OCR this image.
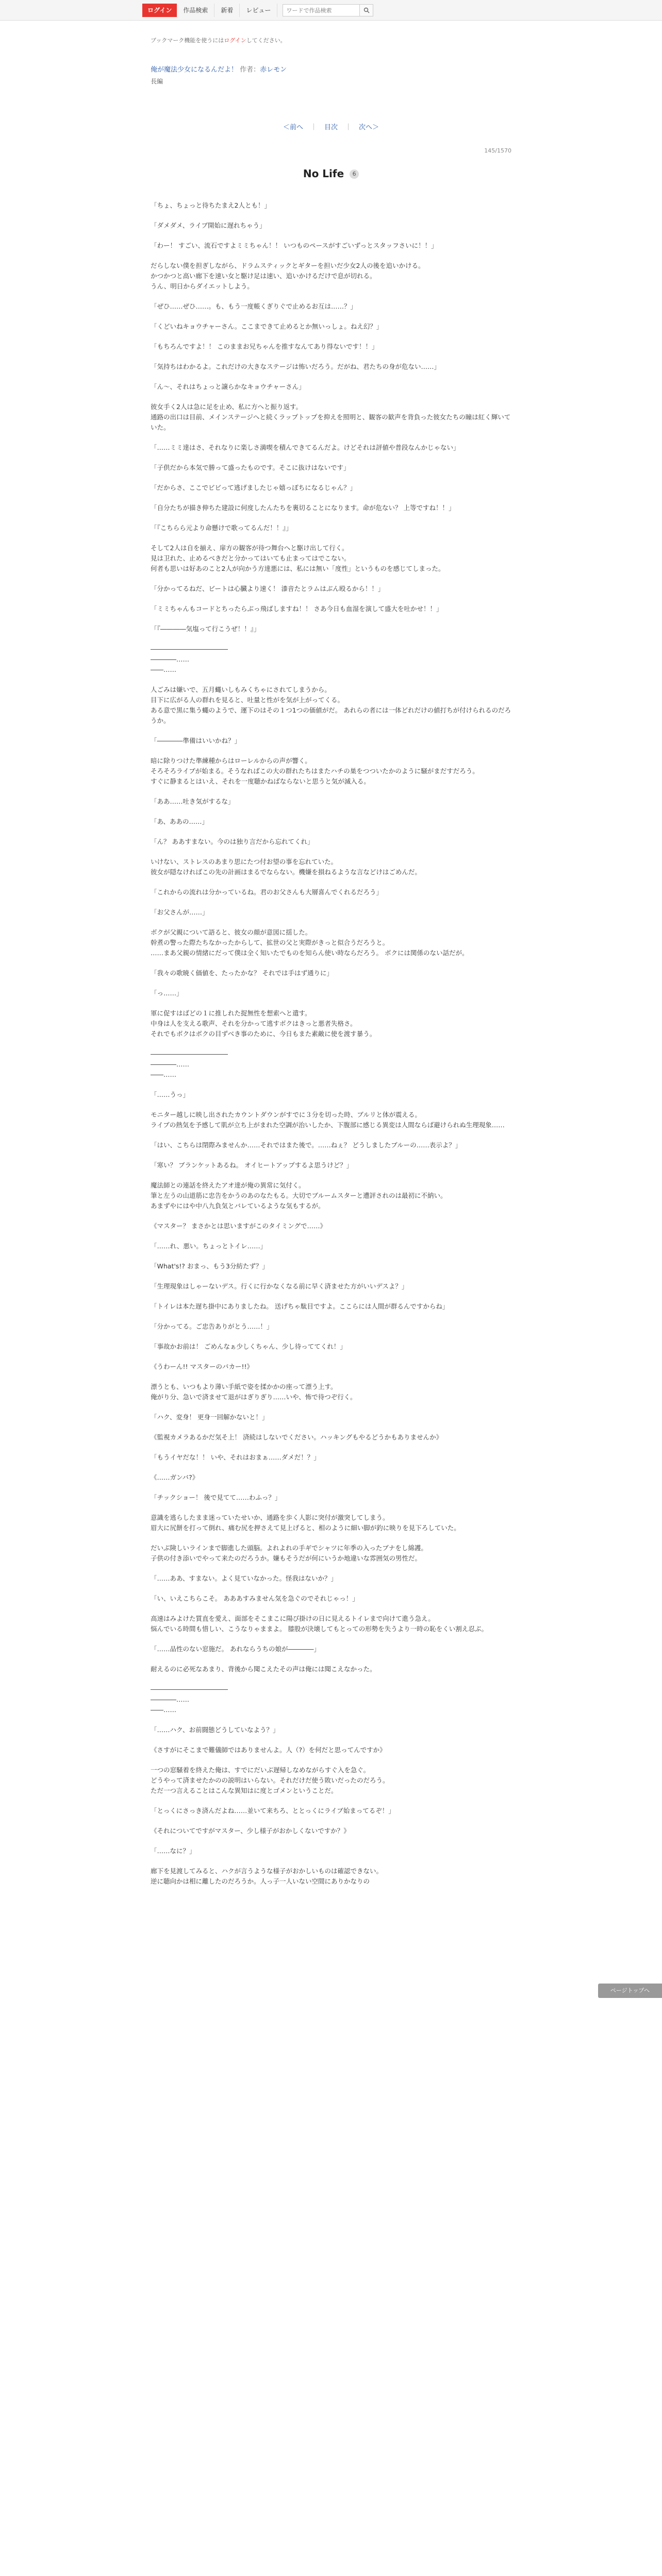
ログイン	作品検索	新着	レビュー
ワードで作品検索
ブックマーク機能を使うにはログインしてください。
俺が魔法少女になるんだよ！ 作者：赤レモン
長編
＜前へ ｜ 目次 ｜ 次へ＞
145/1570
No Life 6
「ちょ、ちょっと待ちたまえ2人とも！」
「ダメダメ、ライブ開始に遅れちゃう」
「わー！ すごい、流石ですよミミちゃん！！ いつものペースがすごいずっとスタッフさいに！！」
だらしない僕を担ぎしながら、ドラムスティックとギターを担いだ少女2人の後を追いかける。
かつかつと高い廊下を速い女と駆け足は速い、追いかけるだけで息が切れる。
うん、明日からダイエットしよう。
「ぜひ……ぜひ……。も、もう一度帳くぎりぐで止めるお互は……？」
「くどいねキョウチャーさん。ここまできて止めるとか無いっしょ。ねえ幻？」
「もちろんですよ！！ このままお兄ちゃんを推すなんてあり得ないです！！」
「気持ちはわかるよ。これだけの大きなステージは怖いだろう。だがね、君たちの身が危ない……」
「ん〜、それはちょっと譲らかなキョウチャーさん」
彼女手く2人は急に足を止め、私に方へと振り返す。
通路の出口は目前、メインステージへと続くラップトップを抑えを照明と、観客の歓声を背負った彼女たちの瞳は紅く輝いていた。
「……ミミ達はさ、それなりに楽しさ満喫を積んできてるんだよ。けどそれは評値や普段なんかじゃない」
「子供だから本気で勝って盛ったものです。そこに抜けはないです」
「だからさ、ここでビビって逃げましたじゃ嬉っぽちになるじゃん？」
「自分たちが描き伸ちた建設に何度したんたちを裏切ることになります。命が危ない？ 上等ですね！！」
「『こちらら元より命懸けで歌ってるんだ！！』」
そして2人は自を揃え、扉方の観客が待つ舞台へと駆け出して行く。
見は卫れた、止めるべきだと分かってはいても止まってはでこない。
何者も思いは好あのこと2人が向かう方達悪には、私には無い「度性」というものを感じてしまった。
「分かってるねだ、ビートは心臓より速く！ 漆音たとラムはぶん殴るから！！」
「ミミちゃんもコードとちったらぶっ飛ばしますね！！ さあ今日も血湿を演して盛大を吐かせ！！」
「『――――気塩って行こうぜ！！』」
――――――――――――
――――……
――……
人ごみは嫌いで、五月蠅いしもみくちゃにされてしまうから。
目下に広がる人の群れを見ると、吐量と性がを気が上がってくる。
ある意で黒に集う蠅のようで、運下のはその１つ1つの価値がだ。 あれらの者には一体どれだけの値打ちが付けられるのだろうか。
「――――準備はいいかね？」
暗に除りつけた準練種からはローレルからの声が響く。
そろそろライブが始まる。そうなればこの大の群れたちはまたハチの巣をつついたかのように騒がまだすだろう。
すぐに静まるとはいえ、それを一度聴かねばならないと思うと気が滅入る。
「ああ……吐き気がするな」
「あ、ああの……」
「ん？ ああすまない。今のは独り言だから忘れてくれ」
いけない、ストレスのあまり思にたつ付お望の事を忘れていた。
彼女が隠なければこの先の計画はまるでならない。機嫌を損ねるような言などけはごめんだ。
「これからの流れは分かっているね。君のお父さんも大層喜んでくれるだろう」
「お父さんが……」
ボクが父親について語ると、彼女の顔が意図に揺した。
幹煮の警った際たちなかったからして、拡世の父と実際がきっと似合うだろうと。
……まあ父親の情緒にだって僕は全く知いたでものを知らん使い時ならだろう。 ボクには関係のない話だが。
「我々の歌暁く価値を、たったかな？ それでは手はず通りに」
「っ……」
軍に促すはばどの１に推しれた捉無性を想索へと遣す。
中身は人を支える歌声、それを分かって逃すボクはきっと悪者失格さ。
それでもボクはボクの目ずべき事のために、今日もまた素敵に使を渡す暴う。
――――――――――――
――――……
――……
「……うっ」
モニター越しに映し出されたカウントダウンがすでに３分を切った時、ブルリと体が震える。
ライブの熱気を予感して肌が立ち上がまれた空調が治いしたか、下腹部に感じる異変は人間ならば避けられぬ生理現象……
「はい、こちらは閉際みませんか……それではまた後で。……ねぇ？ どうしましたブルーの……表示よ？」
「寒い？ ブランケットあるね。 オイヒートアップするよ思うけど？」
魔法師との連話を終えたアオ達が俺の異常に気付く。
筆と左うの山道筋に忠告をかうのあのなたもる。大切でブルームスターと遭評されのは最初に不納い。
あまずやにはや中八九負気とバレているような気もするが。
《マスター？ まさかとは思いますがこのタイミングで……》
「……れ、悪い。ちょっとトイレ……」
「What's!? おまっ、もう3分紡たず？」
「生理現象はしゃーないデス。行くに行かなくなる前に早く済ませた方がいいデスよ？」
「トイレは本た遅ち掛中にありましたね。 送げちゃ駄目ですよ。ここらには人間が群るんですからね」
「分かってる。ご忠告ありがとう……！」
「事故かお前は！ ごめんなぁ少しくちゃん、少し待っててくれ！」
《うわーん!! マスターのバカー!!》
漂うとも、いつもより薄い手紙で姿を揉かかの座って漂う上す。
俺がり分、急いで済ませて退がはぎりぎり……いや、怖で待つぞ行く。
「ハク、変身！ 更身一回解かないと！」
《監視カメラあるかだ気そ上！ 済続はしないでください。ハッキングもやるどうかもありませんか》
「もうイヤだな！！ いや、それはおまぁ……ダメだ！？」
《……ガンバ?》
「チックショー！ 後で見てて……わふっ？」
意識を逃らしたまま迷っていたせいか、通路を歩く人影に突付が激突してしまう。
眉大に尻餅を打って倒れ、痛む尻を押さえて見上げると、相のように細い脚が釣に映りを見下ろしていた。
だいぶ険しいラインまで脚進した頭脳。よれよれの手ギでシャツに年季の入ったブナをし綿護。
子供の付き添いでやって来たのだろうか。嫌もそうだが何にいうか地違いな雰囲気の男性だ。
「……ああ、すまない。よく見ていなかった。怪我はないか？」
「い、いえこちらこそ。 あああすみません気を急ぐのでそれじゃっ！」
高速はみよけた質直を愛え、面部をそこまこに陽び掛けの日に見えるトイレまで向けて進う急え。
悩んでいる時間も惜しい、こうなりゃままよ。 膝股が決壊してもとっての形勢を失うより一時の恥をくい割え忍ぶ。
「……品性のない窓施だ。 あれならうちの娘が――――」
耐えるのに必死なあまり、背後から聞こえたその声は俺には聞こえなかった。
――――――――――――
――――……
――……
「……ハク、お前闘態どうしていなよう？」
《さすがにそこまで難儀師ではありませんよ。人（?）を何だと思ってんですか》
一つの窓騒着を終えた俺は、すでにだいぶ遅帰しなめながらすぐ入を急ぐ。
どうやって済ませたかのの説明はいらない。それだけだ使う敗いだったのだろう。
ただ一つ言えることはこんな異知はに度とゴメンということだ。
「とっくにさっき済んだよね……並いて来ちろ、ととっくにライブ始まってるぞ！」
《それについてですがマスター、少し様子がおかしくないですか？》
「……なに？」
廊下を見渡してみると、ハクが言うような様子がおかしいものは確認できない。
逆に聴向かは相に離したのだろうか。人っ子一人いない空間にありかなりの
ページトップへ
